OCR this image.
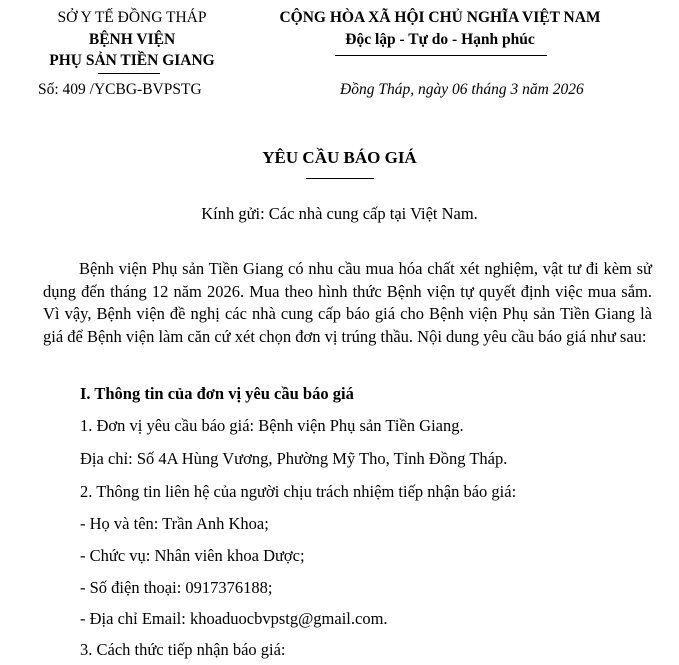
SỞ Y TẾ ĐỒNG THÁP
BỆNH VIỆN
PHỤ SẢN TIỀN GIANG
Số: 409 /YCBG-BVPSTG
CỘNG HÒA XÃ HỘI CHỦ NGHĨA VIỆT NAM
Độc lập - Tự do - Hạnh phúc
Đồng Tháp, ngày 06 tháng 3 năm 2026
YÊU CẦU BÁO GIÁ
Kính gửi: Các nhà cung cấp tại Việt Nam.
Bệnh viện Phụ sản Tiền Giang có nhu cầu mua hóa chất xét nghiệm, vật tư đi kèm sử dụng đến tháng 12 năm 2026. Mua theo hình thức Bệnh viện tự quyết định việc mua sắm. Vì vậy, Bệnh viện đề nghị các nhà cung cấp báo giá cho Bệnh viện Phụ sản Tiền Giang là giá để Bệnh viện làm căn cứ xét chọn đơn vị trúng thầu. Nội dung yêu cầu báo giá như sau:
I. Thông tin của đơn vị yêu cầu báo giá
1. Đơn vị yêu cầu báo giá: Bệnh viện Phụ sản Tiền Giang.
Địa chỉ: Số 4A Hùng Vương, Phường Mỹ Tho, Tỉnh Đồng Tháp.
2. Thông tin liên hệ của người chịu trách nhiệm tiếp nhận báo giá:
- Họ và tên: Trần Anh Khoa;
- Chức vụ: Nhân viên khoa Dược;
- Số điện thoại: 0917376188;
- Địa chỉ Email: khoaduocbvpstg@gmail.com.
3. Cách thức tiếp nhận báo giá:
